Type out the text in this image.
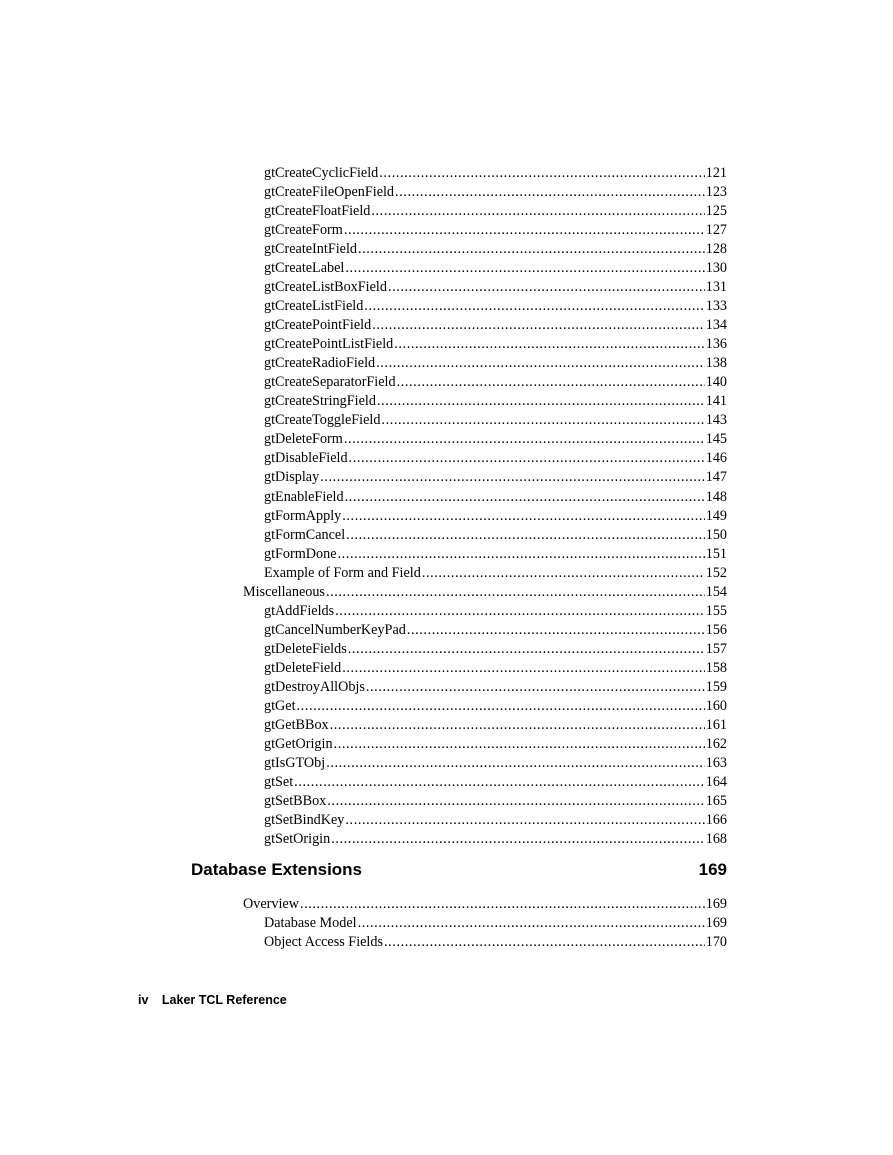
gtCreateCyclicField .....	121
gtCreateFileOpenField .....	123
gtCreateFloatField .....	125
gtCreateForm .....	127
gtCreateIntField .....	128
gtCreateLabel .....	130
gtCreateListBoxField .....	131
gtCreateListField .....	133
gtCreatePointField .....	134
gtCreatePointListField .....	136
gtCreateRadioField .....	138
gtCreateSeparatorField .....	140
gtCreateStringField .....	141
gtCreateToggleField .....	143
gtDeleteForm .....	145
gtDisableField .....	146
gtDisplay .....	147
gtEnableField .....	148
gtFormApply .....	149
gtFormCancel .....	150
gtFormDone .....	151
Example of Form and Field .....	152
Miscellaneous .....	154
gtAddFields .....	155
gtCancelNumberKeyPad .....	156
gtDeleteFields .....	157
gtDeleteField .....	158
gtDestroyAllObjs .....	159
gtGet .....	160
gtGetBBox .....	161
gtGetOrigin .....	162
gtIsGTObj .....	163
gtSet .....	164
gtSetBBox .....	165
gtSetBindKey .....	166
gtSetOrigin .....	168
Database Extensions	169
Overview .....	169
Database Model .....	169
Object Access Fields .....	170
iv Laker TCL Reference
